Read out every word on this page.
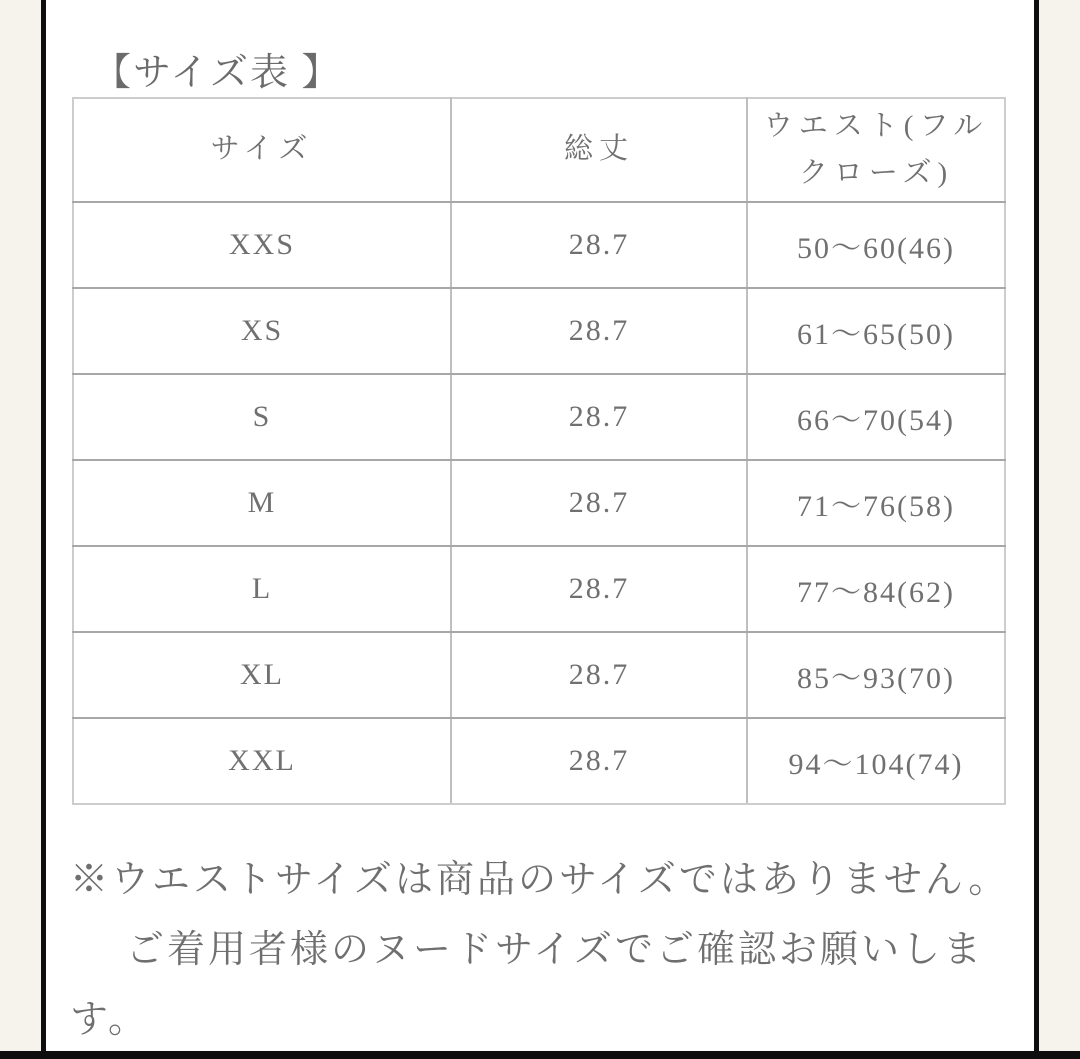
【サイズ表 】
サイズ	総丈	ウエスト(フルクローズ)
XXS	28.7	50〜60(46)
XS	28.7	61〜65(50)
S	28.7	66〜70(54)
M	28.7	71〜76(58)
L	28.7	77〜84(62)
XL	28.7	85〜93(70)
XXL	28.7	94〜104(74)
※ウエストサイズは商品のサイズではありません。
ご着用者様のヌードサイズでご確認お願いしま
す。
